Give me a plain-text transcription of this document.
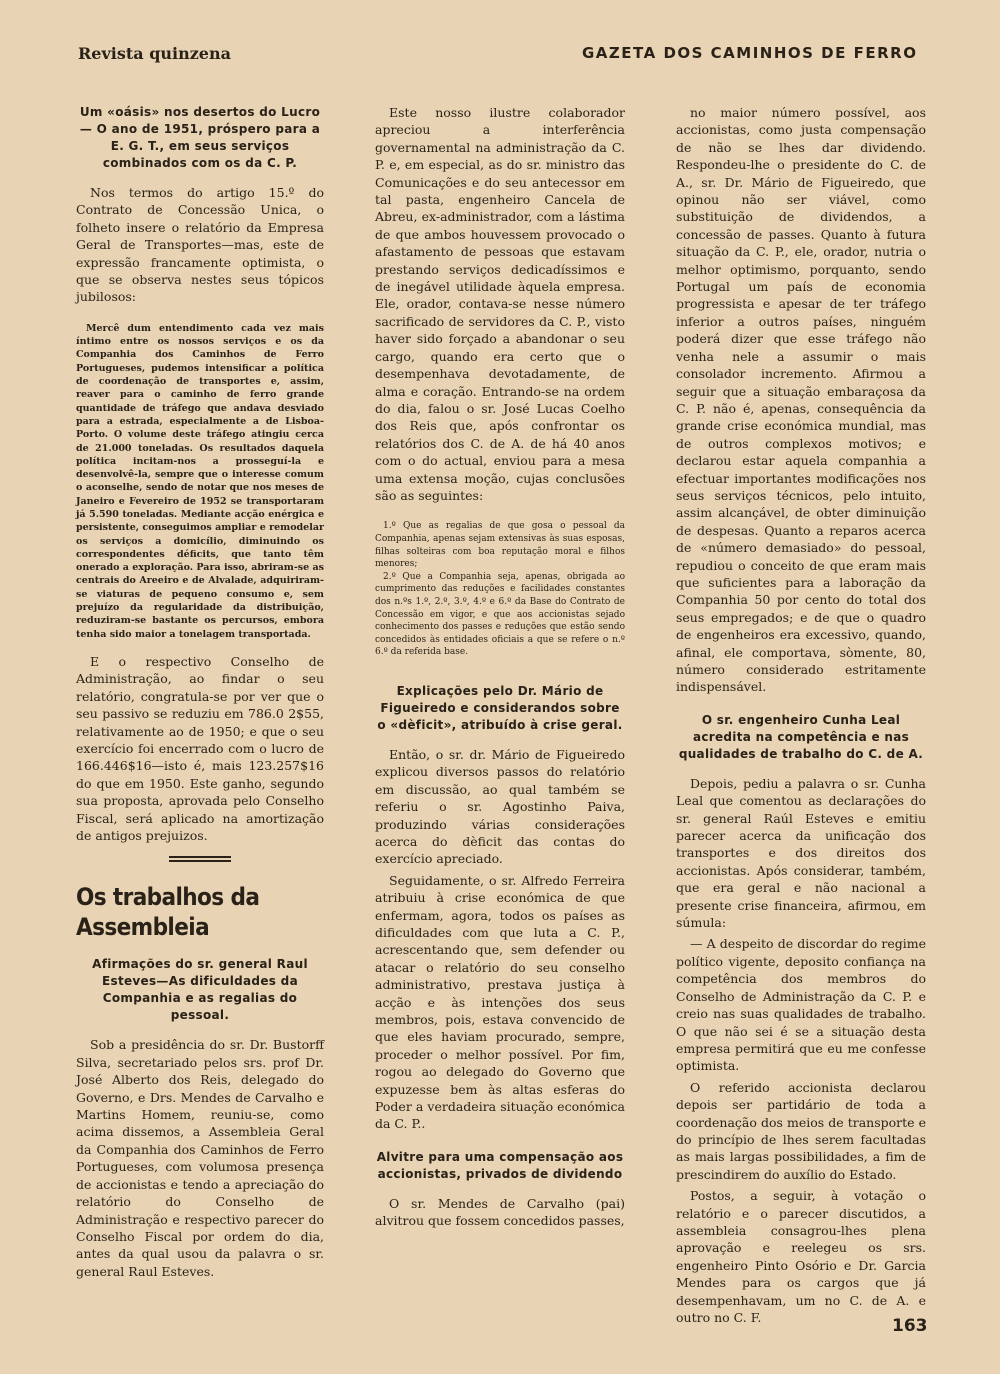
Revista quinzena	GAZETA DOS CAMINHOS DE FERRO
Um «oásis» nos desertos do Lucro — O ano de 1951, próspero para a E. G. T., em seus serviços combinados com os da C. P.

Nos termos do artigo 15.º do Contrato de Concessão Unica, o folheto insere o relatório da Empresa Geral de Transportes—mas, este de expressão francamente optimista, o que se observa nestes seus tópicos jubilosos:

Mercê dum entendimento cada vez mais íntimo entre os nossos serviços e os da Companhia dos Caminhos de Ferro Portugueses, pudemos intensificar a política de coordenação de transportes e, assim, reaver para o caminho de ferro grande quantidade de tráfego que andava desviado para a estrada, especialmente a de Lisboa-Porto. O volume deste tráfego atingiu cerca de 21.000 toneladas. Os resultados daquela política incitam-nos a prosseguí-la e desenvolvê-la, sempre que o interesse comum o aconselhe, sendo de notar que nos meses de Janeiro e Fevereiro de 1952 se transportaram já 5.590 toneladas. Mediante acção enérgica e persistente, conseguimos ampliar e remodelar os serviços a domicílio, diminuindo os correspondentes déficits, que tanto têm onerado a exploração. Para isso, abriram-se as centrais do Areeiro e de Alvalade, adquiriram-se viaturas de pequeno consumo e, sem prejuízo da regularidade da distribuição, reduziram-se bastante os percursos, embora tenha sido maior a tonelagem transportada.

E o respectivo Conselho de Administração, ao findar o seu relatório, congratula-se por ver que o seu passivo se reduziu em 786.0 2$55, relativamente ao de 1950; e que o seu exercício foi encerrado com o lucro de 166.446$16—isto é, mais 123.257$16 do que em 1950. Este ganho, segundo sua proposta, aprovada pelo Conselho Fiscal, será aplicado na amortização de antigos prejuizos.

Os trabalhos da Assembleia
Afirmações do sr. general Raul Esteves—As dificuldades da Companhia e as regalias do pessoal.

Sob a presidência do sr. Dr. Bustorff Silva, secretariado pelos srs. prof Dr. José Alberto dos Reis, delegado do Governo, e Drs. Mendes de Carvalho e Martins Homem, reuniu-se, como acima dissemos, a Assembleia Geral da Companhia dos Caminhos de Ferro Portugueses, com volumosa presença de accionistas e tendo a apreciação do relatório do Conselho de Administração e respectivo parecer do Conselho Fiscal por ordem do dia, antes da qual usou da palavra o sr. general Raul Esteves.

Este nosso ilustre colaborador apreciou a interferência governamental na administração da C. P. e, em especial, as do sr. ministro das Comunicações e do seu antecessor em tal pasta, engenheiro Cancela de Abreu, ex-administrador, com a lástima de que ambos houvessem provocado o afastamento de pessoas que estavam prestando serviços dedicadíssimos e de inegável utilidade àquela empresa. Ele, orador, contava-se nesse número sacrificado de servidores da C. P., visto haver sido forçado a abandonar o seu cargo, quando era certo que o desempenhava devotadamente, de alma e coração. Entrando-se na ordem do dia, falou o sr. José Lucas Coelho dos Reis que, após confrontar os relatórios dos C. de A. de há 40 anos com o do actual, enviou para a mesa uma extensa moção, cujas conclusões são as seguintes:

1.º Que as regalias de que gosa o pessoal da Companhia, apenas sejam extensivas às suas esposas, filhas solteiras com boa reputação moral e filhos menores;

2.º Que a Companhia seja, apenas, obrigada ao cumprimento das reduções e facilidades constantes dos n.ºs 1.º, 2.º, 3.º, 4.º e 6.º da Base do Contrato de Concessão em vigor, e que aos accionistas sejado conhecimento dos passes e reduções que estão sendo concedidos às entidades oficiais a que se refere o n.º 6.º da referida base.

Explicações pelo Dr. Mário de Figueiredo e considerandos sobre o «dèficit», atribuído à crise geral.

Então, o sr. dr. Mário de Figueiredo explicou diversos passos do relatório em discussão, ao qual também se referiu o sr. Agostinho Paiva, produzindo várias considerações acerca do dèficit das contas do exercício apreciado.

Seguidamente, o sr. Alfredo Ferreira atribuiu à crise económica de que enfermam, agora, todos os países as dificuldades com que luta a C. P., acrescentando que, sem defender ou atacar o relatório do seu conselho administrativo, prestava justiça à acção e às intenções dos seus membros, pois, estava convencido de que eles haviam procurado, sempre, proceder o melhor possível. Por fim, rogou ao delegado do Governo que expuzesse bem às altas esferas do Poder a verdadeira situação económica da C. P..

Alvitre para uma compensação aos accionistas, privados de dividendo

O sr. Mendes de Carvalho (pai) alvitrou que fossem concedidos passes,

no maior número possível, aos accionistas, como justa compensação de não se lhes dar dividendo. Respondeu-lhe o presidente do C. de A., sr. Dr. Mário de Figueiredo, que opinou não ser viável, como substituição de dividendos, a concessão de passes. Quanto à futura situação da C. P., ele, orador, nutria o melhor optimismo, porquanto, sendo Portugal um país de economia progressista e apesar de ter tráfego inferior a outros países, ninguém poderá dizer que esse tráfego não venha nele a assumir o mais consolador incremento. Afirmou a seguir que a situação embaraçosa da C. P. não é, apenas, consequência da grande crise económica mundial, mas de outros complexos motivos; e declarou estar aquela companhia a efectuar importantes modificações nos seus serviços técnicos, pelo intuito, assim alcançável, de obter diminuição de despesas. Quanto a reparos acerca de «número demasiado» do pessoal, repudiou o conceito de que eram mais que suficientes para a laboração da Companhia 50 por cento do total dos seus empregados; e de que o quadro de engenheiros era excessivo, quando, afinal, ele comportava, sòmente, 80, número considerado estritamente indispensável.

O sr. engenheiro Cunha Leal acredita na competência e nas qualidades de trabalho do C. de A.

Depois, pediu a palavra o sr. Cunha Leal que comentou as declarações do sr. general Raúl Esteves e emitiu parecer acerca da unificação dos transportes e dos direitos dos accionistas. Após considerar, também, que era geral e não nacional a presente crise financeira, afirmou, em súmula:

— A despeito de discordar do regime político vigente, deposito confiança na competência dos membros do Conselho de Administração da C. P. e creio nas suas qualidades de trabalho. O que não sei é se a situação desta empresa permitirá que eu me confesse optimista.

O referido accionista declarou depois ser partidário de toda a coordenação dos meios de transporte e do princípio de lhes serem facultadas as mais largas possibilidades, a fim de prescindirem do auxílio do Estado.

Postos, a seguir, à votação o relatório e o parecer discutidos, a assembleia consagrou-lhes plena aprovação e reelegeu os srs. engenheiro Pinto Osório e Dr. Garcia Mendes para os cargos que já desempenhavam, um no C. de A. e outro no C. F.	163
